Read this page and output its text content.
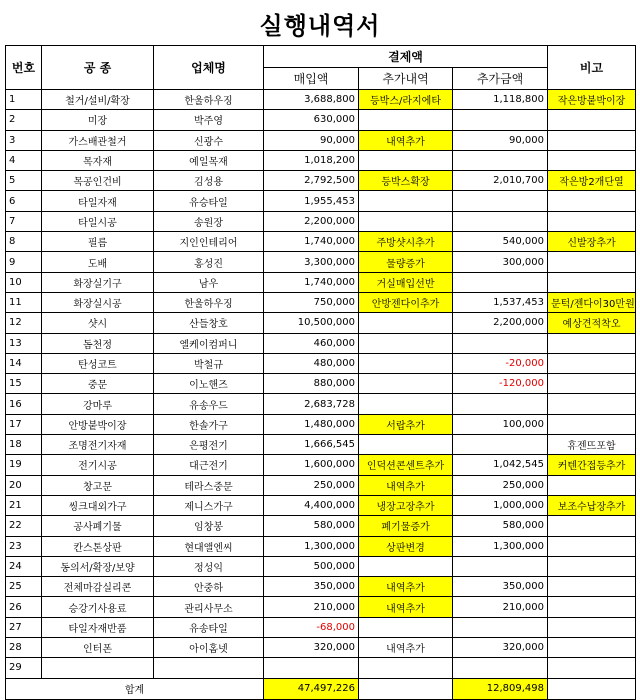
실행내역서
번호	공 종	업체명	결제액			비고
			매입액	추가내역	추가금액	
1	철거/설비/확장	한울하우징	3,688,800	등박스/라지에타	1,118,800	작은방붙박이장
2	미장	박주영	630,000			
3	가스배관철거	신광수	90,000	내역추가	90,000	
4	목자재	예일목재	1,018,200			
5	목공인건비	김성용	2,792,500	등박스확장	2,010,700	작은방2개단열
6	타일자재	유승타일	1,955,453			
7	타일시공	송원장	2,200,000			
8	필름	지인인테리어	1,740,000	주방샷시추가	540,000	신발장추가
9	도배	홍성진	3,300,000	물량증가	300,000	
10	화장실기구	남우	1,740,000	거실매입선반		
11	화장실시공	한울하우징	750,000	안방젠다이추가	1,537,453	문턱/젠다이30만원
12	샷시	산들창호	10,500,000		2,200,000	예상견적착오
13	돔천정	엘케이컴퍼니	460,000			
14	탄성코트	박철규	480,000		-20,000	
15	중문	이노핸즈	880,000		-120,000	
16	강마루	유송우드	2,683,728			
17	안방붙박이장	한솔가구	1,480,000	서랍추가	100,000	
18	조명전기자재	은평전기	1,666,545			휴젠뜨포함
19	전기시공	대근전기	1,600,000	인덕션콘센트추가	1,042,545	커텐간접등추가
20	창고문	테라스중문	250,000	내역추가	250,000	
21	씽크대외가구	제니스가구	4,400,000	냉장고장추가	1,000,000	보조수납장추가
22	공사폐기물	임창봉	580,000	폐기물증가	580,000	
23	칸스톤상판	현대앨엔씨	1,300,000	상판변경	1,300,000	
24	동의서/확장/보양	정성익	500,000			
25	전체마감실리콘	안중하	350,000	내역추가	350,000	
26	승강기사용료	관리사무소	210,000	내역추가	210,000	
27	타일자재반품	유송타일	-68,000			
28	인터폰	아이홈넷	320,000	내역추가	320,000	
29						
합계			47,497,226		12,809,498	
